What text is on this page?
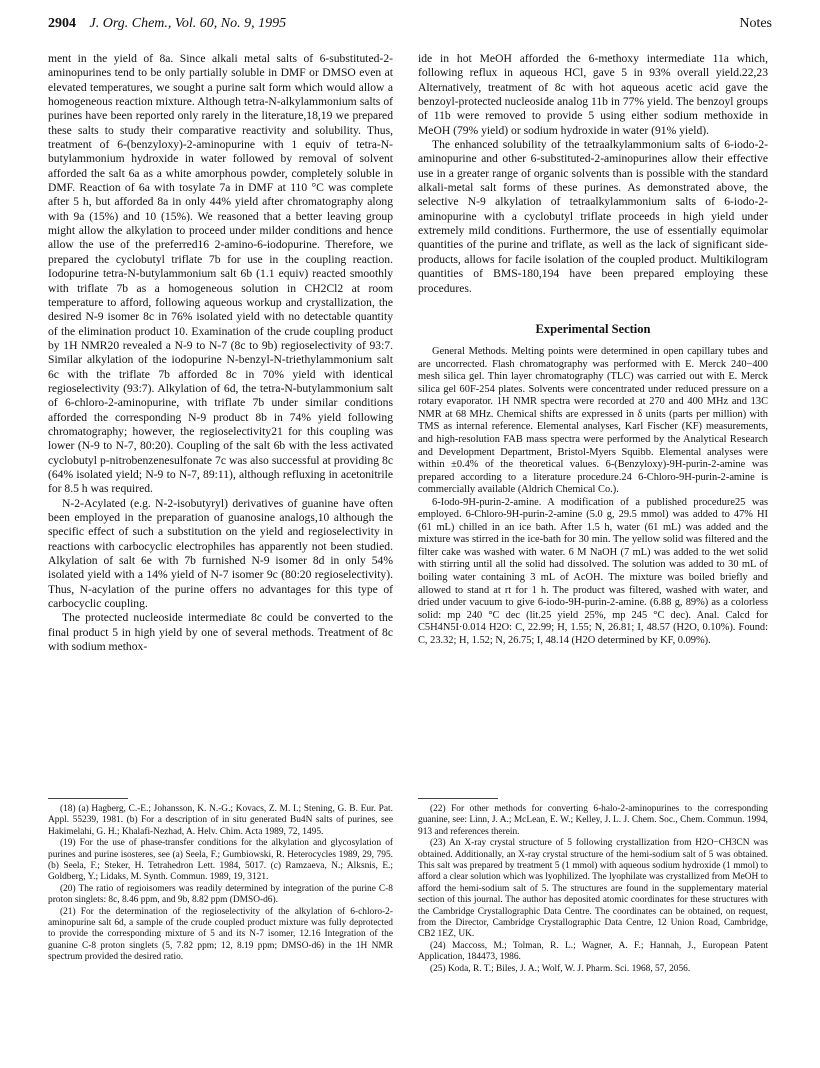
2904 J. Org. Chem., Vol. 60, No. 9, 1995	Notes

ment in the yield of 8a. Since alkali metal salts of 6-substituted-2-aminopurines tend to be only partially soluble in DMF or DMSO even at elevated temperatures, we sought a purine salt form which would allow a homogeneous reaction mixture. Although tetra-N-alkylammonium salts of purines have been reported only rarely in the literature,18,19 we prepared these salts to study their comparative reactivity and solubility. Thus, treatment of 6-(benzyloxy)-2-aminopurine with 1 equiv of tetra-N-butylammonium hydroxide in water followed by removal of solvent afforded the salt 6a as a white amorphous powder, completely soluble in DMF. Reaction of 6a with tosylate 7a in DMF at 110 °C was complete after 5 h, but afforded 8a in only 44% yield after chromatography along with 9a (15%) and 10 (15%). We reasoned that a better leaving group might allow the alkylation to proceed under milder conditions and hence allow the use of the preferred16 2-amino-6-iodopurine. Therefore, we prepared the cyclobutyl triflate 7b for use in the coupling reaction. Iodopurine tetra-N-butylammonium salt 6b (1.1 equiv) reacted smoothly with triflate 7b as a homogeneous solution in CH2Cl2 at room temperature to afford, following aqueous workup and crystallization, the desired N-9 isomer 8c in 76% isolated yield with no detectable quantity of the elimination product 10. Examination of the crude coupling product by 1H NMR20 revealed a N-9 to N-7 (8c to 9b) regioselectivity of 93:7. Similar alkylation of the iodopurine N-benzyl-N-triethylammonium salt 6c with the triflate 7b afforded 8c in 70% yield with identical regioselectivity (93:7). Alkylation of 6d, the tetra-N-butylammonium salt of 6-chloro-2-aminopurine, with triflate 7b under similar conditions afforded the corresponding N-9 product 8b in 74% yield following chromatography; however, the regioselectivity21 for this coupling was lower (N-9 to N-7, 80:20). Coupling of the salt 6b with the less activated cyclobutyl p-nitrobenzenesulfonate 7c was also successful at providing 8c (64% isolated yield; N-9 to N-7, 89:11), although refluxing in acetonitrile for 8.5 h was required.

N-2-Acylated (e.g. N-2-isobutyryl) derivatives of guanine have often been employed in the preparation of guanosine analogs,10 although the specific effect of such a substitution on the yield and regioselectivity in reactions with carbocyclic electrophiles has apparently not been studied. Alkylation of salt 6e with 7b furnished N-9 isomer 8d in only 54% isolated yield with a 14% yield of N-7 isomer 9c (80:20 regioselectivity). Thus, N-acylation of the purine offers no advantages for this type of carbocyclic coupling.

The protected nucleoside intermediate 8c could be converted to the final product 5 in high yield by one of several methods. Treatment of 8c with sodium methox-

ide in hot MeOH afforded the 6-methoxy intermediate 11a which, following reflux in aqueous HCl, gave 5 in 93% overall yield.22,23 Alternatively, treatment of 8c with hot aqueous acetic acid gave the benzoyl-protected nucleoside analog 11b in 77% yield. The benzoyl groups of 11b were removed to provide 5 using either sodium methoxide in MeOH (79% yield) or sodium hydroxide in water (91% yield).

The enhanced solubility of the tetraalkylammonium salts of 6-iodo-2-aminopurine and other 6-substituted-2-aminopurines allow their effective use in a greater range of organic solvents than is possible with the standard alkali-metal salt forms of these purines. As demonstrated above, the selective N-9 alkylation of tetraalkylammonium salts of 6-iodo-2-aminopurine with a cyclobutyl triflate proceeds in high yield under extremely mild conditions. Furthermore, the use of essentially equimolar quantities of the purine and triflate, as well as the lack of significant side-products, allows for facile isolation of the coupled product. Multikilogram quantities of BMS-180,194 have been prepared employing these procedures.

Experimental Section

General Methods. Melting points were determined in open capillary tubes and are uncorrected. Flash chromatography was performed with E. Merck 240−400 mesh silica gel. Thin layer chromatography (TLC) was carried out with E. Merck silica gel 60F-254 plates. Solvents were concentrated under reduced pressure on a rotary evaporator. 1H NMR spectra were recorded at 270 and 400 MHz and 13C NMR at 68 MHz. Chemical shifts are expressed in δ units (parts per million) with TMS as internal reference. Elemental analyses, Karl Fischer (KF) measurements, and high-resolution FAB mass spectra were performed by the Analytical Research and Development Department, Bristol-Myers Squibb. Elemental analyses were within ±0.4% of the theoretical values. 6-(Benzyloxy)-9H-purin-2-amine was prepared according to a literature procedure.24 6-Chloro-9H-purin-2-amine is commercially available (Aldrich Chemical Co.).

6-Iodo-9H-purin-2-amine. A modification of a published procedure25 was employed. 6-Chloro-9H-purin-2-amine (5.0 g, 29.5 mmol) was added to 47% HI (61 mL) chilled in an ice bath. After 1.5 h, water (61 mL) was added and the mixture was stirred in the ice-bath for 30 min. The yellow solid was filtered and the filter cake was washed with water. 6 M NaOH (7 mL) was added to the wet solid with stirring until all the solid had dissolved. The solution was added to 30 mL of boiling water containing 3 mL of AcOH. The mixture was boiled briefly and allowed to stand at rt for 1 h. The product was filtered, washed with water, and dried under vacuum to give 6-iodo-9H-purin-2-amine. (6.88 g, 89%) as a colorless solid: mp 240 °C dec (lit.25 yield 25%, mp 245 °C dec). Anal. Calcd for C5H4N5I·0.014 H2O: C, 22.99; H, 1.55; N, 26.81; I, 48.57 (H2O, 0.10%). Found: C, 23.32; H, 1.52; N, 26.75; I, 48.14 (H2O determined by KF, 0.09%).

(18) (a) Hagberg, C.-E.; Johansson, K. N.-G.; Kovacs, Z. M. I.; Stening, G. B. Eur. Pat. Appl. 55239, 1981. (b) For a description of in situ generated Bu4N salts of purines, see Hakimelahi, G. H.; Khalafi-Nezhad, A. Helv. Chim. Acta 1989, 72, 1495.

(19) For the use of phase-transfer conditions for the alkylation and glycosylation of purines and purine isosteres, see (a) Seela, F.; Gumbiowski, R. Heterocycles 1989, 29, 795. (b) Seela, F.; Steker, H. Tetrahedron Lett. 1984, 5017. (c) Ramzaeva, N.; Alksnis, E.; Goldberg, Y.; Lidaks, M. Synth. Commun. 1989, 19, 3121.

(20) The ratio of regioisomers was readily determined by integration of the purine C-8 proton singlets: 8c, 8.46 ppm, and 9b, 8.82 ppm (DMSO-d6).

(21) For the determination of the regioselectivity of the alkylation of 6-chloro-2-aminopurine salt 6d, a sample of the crude coupled product mixture was fully deprotected to provide the corresponding mixture of 5 and its N-7 isomer, 12.16 Integration of the guanine C-8 proton singlets (5, 7.82 ppm; 12, 8.19 ppm; DMSO-d6) in the 1H NMR spectrum provided the desired ratio.

(22) For other methods for converting 6-halo-2-aminopurines to the corresponding guanine, see: Linn, J. A.; McLean, E. W.; Kelley, J. L. J. Chem. Soc., Chem. Commun. 1994, 913 and references therein.

(23) An X-ray crystal structure of 5 following crystallization from H2O−CH3CN was obtained. Additionally, an X-ray crystal structure of the hemi-sodium salt of 5 was obtained. This salt was prepared by treatment 5 (1 mmol) with aqueous sodium hydroxide (1 mmol) to afford a clear solution which was lyophilized. The lyophilate was crystallized from MeOH to afford the hemi-sodium salt of 5. The structures are found in the supplementary material section of this journal. The author has deposited atomic coordinates for these structures with the Cambridge Crystallographic Data Centre. The coordinates can be obtained, on request, from the Director, Cambridge Crystallographic Data Centre, 12 Union Road, Cambridge, CB2 1EZ, UK.

(24) Maccoss, M.; Tolman, R. L.; Wagner, A. F.; Hannah, J., European Patent Application, 184473, 1986.

(25) Koda, R. T.; Biles, J. A.; Wolf, W. J. Pharm. Sci. 1968, 57, 2056.
